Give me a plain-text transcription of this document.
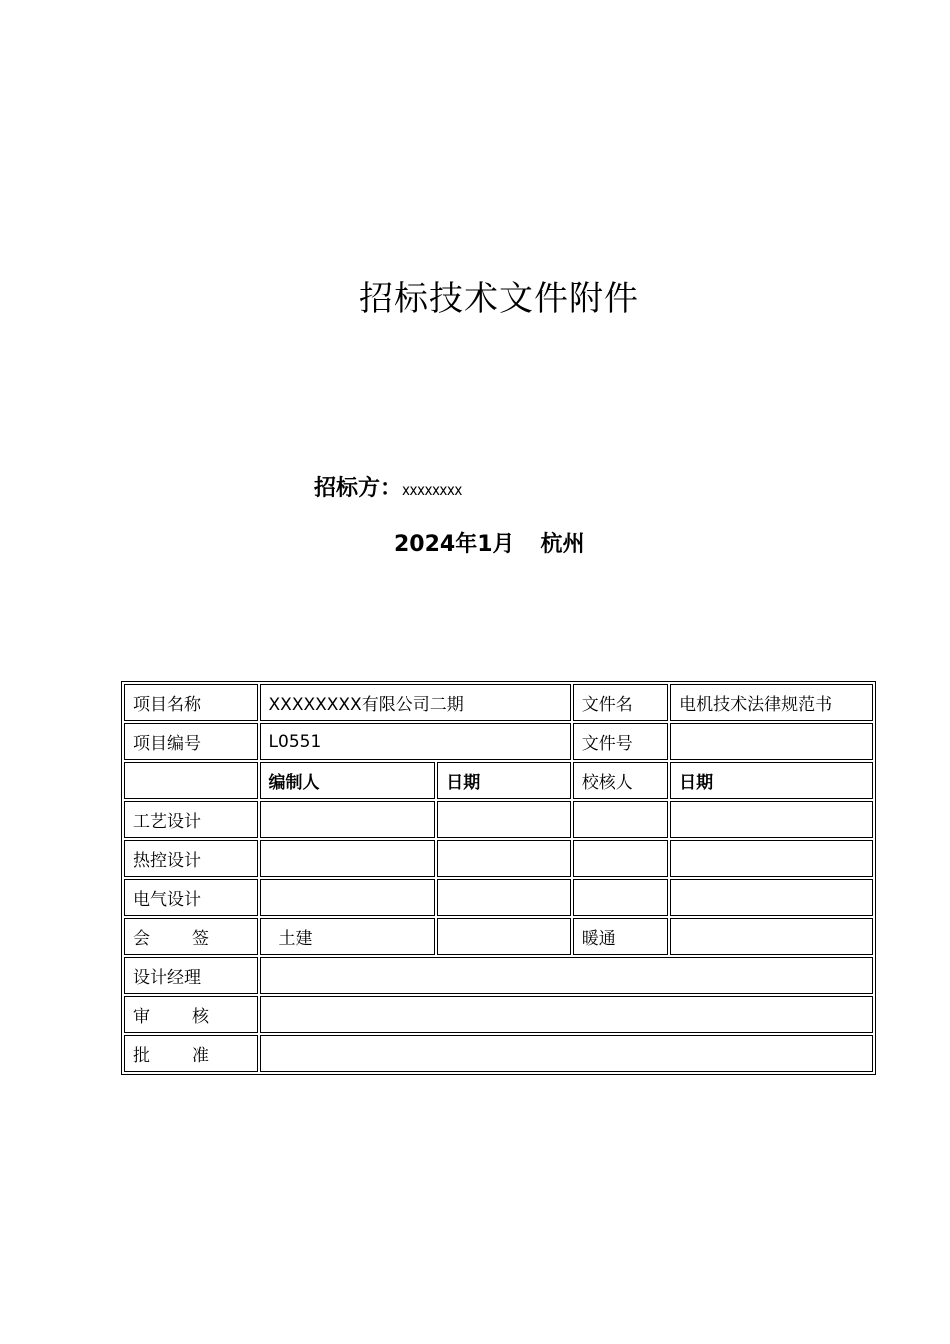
招标技术文件附件
招标方：xxxxxxxx
2024年1月 杭州
项目名称	XXXXXXXX有限公司二期		文件名	电机技术法律规范书
项目编号	L0551		文件号	
	编制人	日期	校核人	日期
工艺设计				
热控设计				
电气设计				

会 签	土建		暖通	
设计经理				

审 核				

批 准				
